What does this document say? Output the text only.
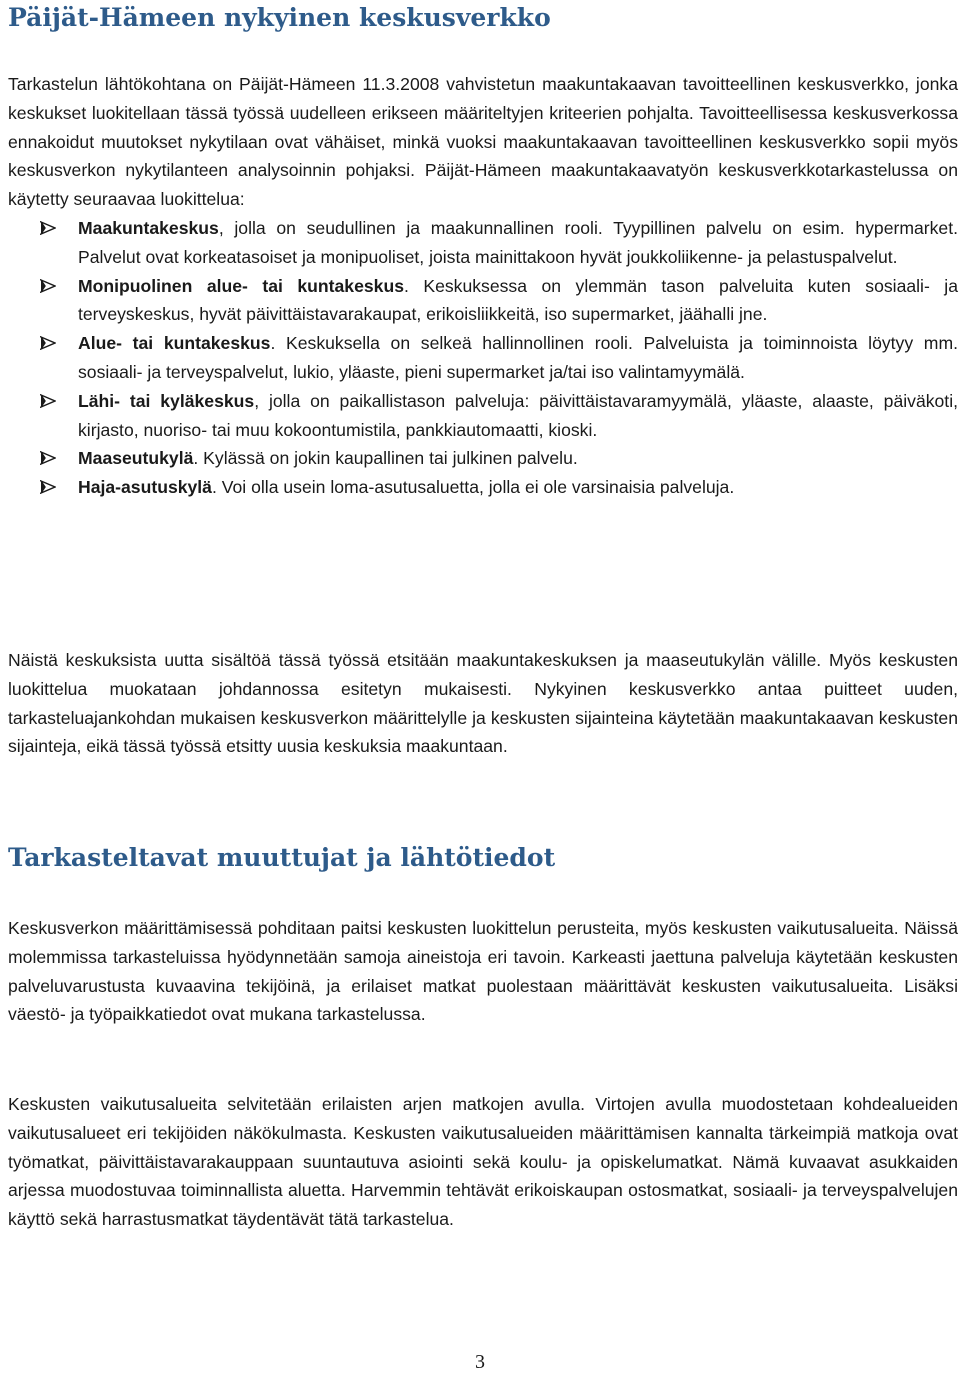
Päijät-Hämeen nykyinen keskusverkko
Tarkastelun lähtökohtana on Päijät-Hämeen 11.3.2008 vahvistetun maakuntakaavan tavoitteellinen keskusverkko, jonka keskukset luokitellaan tässä työssä uudelleen erikseen määriteltyjen kriteerien pohjalta. Tavoitteellisessa keskusverkossa ennakoidut muutokset nykytilaan ovat vähäiset, minkä vuoksi maakuntakaavan tavoitteellinen keskusverkko sopii myös keskusverkon nykytilanteen analysoinnin pohjaksi. Päijät-Hämeen maakuntakaavatyön keskusverkkotarkastelussa on käytetty seuraavaa luokittelua:
Maakuntakeskus, jolla on seudullinen ja maakunnallinen rooli. Tyypillinen palvelu on esim. hypermarket. Palvelut ovat korkeatasoiset ja monipuoliset, joista mainittakoon hyvät joukkoliikenne- ja pelastuspalvelut.
Monipuolinen alue- tai kuntakeskus. Keskuksessa on ylemmän tason palveluita kuten sosiaali- ja terveyskeskus, hyvät päivittäistavarakaupat, erikoisliikkeitä, iso supermarket, jäähalli jne.
Alue- tai kuntakeskus. Keskuksella on selkeä hallinnollinen rooli. Palveluista ja toiminnoista löytyy mm. sosiaali- ja terveyspalvelut, lukio, yläaste, pieni supermarket ja/tai iso valintamyymälä.
Lähi- tai kyläkeskus, jolla on paikallistason palveluja: päivittäistavaramyymälä, yläaste, alaaste, päiväkoti, kirjasto, nuoriso- tai muu kokoontumistila, pankkiautomaatti, kioski.
Maaseutukylä. Kylässä on jokin kaupallinen tai julkinen palvelu.
Haja-asutuskylä. Voi olla usein loma-asutusaluetta, jolla ei ole varsinaisia palveluja.
Näistä keskuksista uutta sisältöä tässä työssä etsitään maakuntakeskuksen ja maaseutukylän välille. Myös keskusten luokittelua muokataan johdannossa esitetyn mukaisesti. Nykyinen keskusverkko antaa puitteet uuden, tarkasteluajankohdan mukaisen keskusverkon määrittelylle ja keskusten sijainteina käytetään maakuntakaavan keskusten sijainteja, eikä tässä työssä etsitty uusia keskuksia maakuntaan.
Tarkasteltavat muuttujat ja lähtötiedot
Keskusverkon määrittämisessä pohditaan paitsi keskusten luokittelun perusteita, myös keskusten vaikutusalueita. Näissä molemmissa tarkasteluissa hyödynnetään samoja aineistoja eri tavoin. Karkeasti jaettuna palveluja käytetään keskusten palveluvarustusta kuvaavina tekijöinä, ja erilaiset matkat puolestaan määrittävät keskusten vaikutusalueita. Lisäksi väestö- ja työpaikkatiedot ovat mukana tarkastelussa.
Keskusten vaikutusalueita selvitetään erilaisten arjen matkojen avulla. Virtojen avulla muodostetaan kohdealueiden vaikutusalueet eri tekijöiden näkökulmasta. Keskusten vaikutusalueiden määrittämisen kannalta tärkeimpiä matkoja ovat työmatkat, päivittäistavarakauppaan suuntautuva asiointi sekä koulu- ja opiskelumatkat. Nämä kuvaavat asukkaiden arjessa muodostuvaa toiminnallista aluetta. Harvemmin tehtävät erikoiskaupan ostosmatkat, sosiaali- ja terveyspalvelujen käyttö sekä harrastusmatkat täydentävät tätä tarkastelua.
3
